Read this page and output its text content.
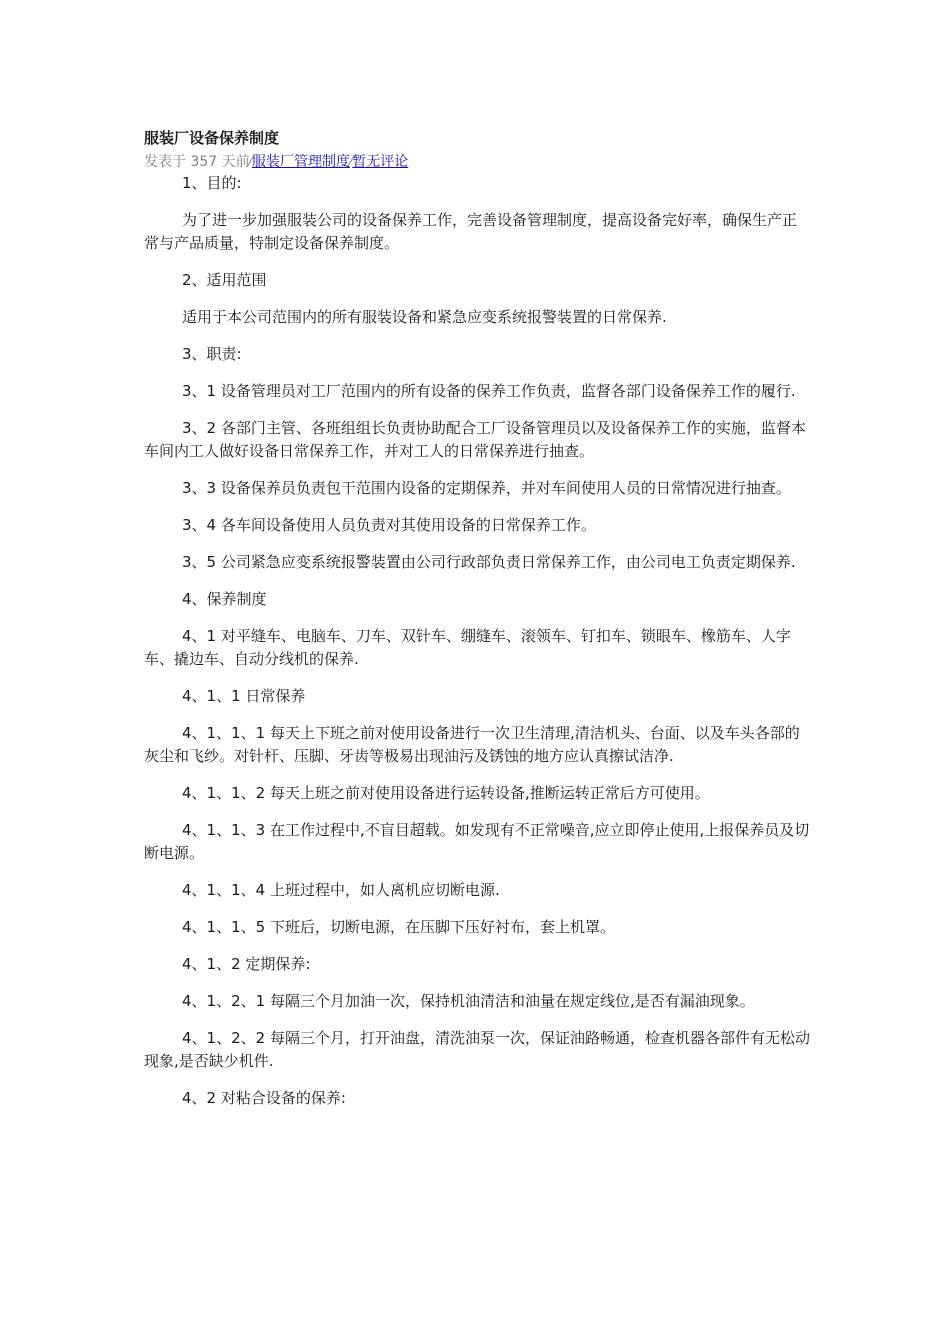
服装厂设备保养制度
发表于 357 天前⁄服装厂管理制度⁄暂无评论

1、目的:

为了进一步加强服装公司的设备保养工作，完善设备管理制度，提高设备完好率，确保生产正常与产品质量，特制定设备保养制度。

2、适用范围

适用于本公司范围内的所有服装设备和紧急应变系统报警装置的日常保养.

3、职责:

3、1 设备管理员对工厂范围内的所有设备的保养工作负责，监督各部门设备保养工作的履行.

3、2 各部门主管、各班组组长负责协助配合工厂设备管理员以及设备保养工作的实施，监督本车间内工人做好设备日常保养工作，并对工人的日常保养进行抽查。

3、3 设备保养员负责包干范围内设备的定期保养，并对车间使用人员的日常情况进行抽查。

3、4 各车间设备使用人员负责对其使用设备的日常保养工作。

3、5 公司紧急应变系统报警装置由公司行政部负责日常保养工作，由公司电工负责定期保养.

4、保养制度

4、1 对平缝车、电脑车、刀车、双针车、绷缝车、滚领车、钉扣车、锁眼车、橡筋车、人字车、撬边车、自动分线机的保养.

4、1、1 日常保养

4、1、1、1 每天上下班之前对使用设备进行一次卫生清理,清洁机头、台面、以及车头各部的灰尘和飞纱。对针杆、压脚、牙齿等极易出现油污及锈蚀的地方应认真擦试洁净.

4、1、1、2 每天上班之前对使用设备进行运转设备,推断运转正常后方可使用。

4、1、1、3 在工作过程中,不盲目超载。如发现有不正常噪音,应立即停止使用,上报保养员及切断电源。

4、1、1、4 上班过程中，如人离机应切断电源.

4、1、1、5 下班后，切断电源，在压脚下压好衬布，套上机罩。

4、1、2 定期保养:

4、1、2、1 每隔三个月加油一次，保持机油清洁和油量在规定线位,是否有漏油现象。

4、1、2、2 每隔三个月，打开油盘，清洗油泵一次，保证油路畅通，检查机器各部件有无松动现象,是否缺少机件.

4、2 对粘合设备的保养:
